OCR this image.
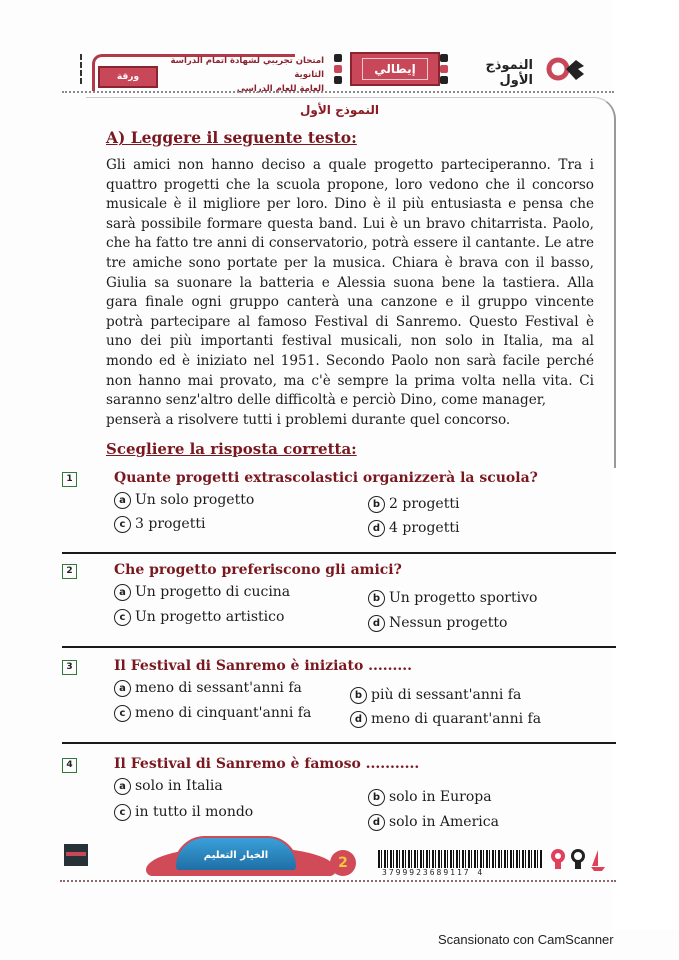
ورقة الامتحان
امتحان تجريبي لشهادة اتمام الدراسة الثانوية
العامة للعام الدراسي
إيطالي	النموذج الأول
النموذج الأول
A) Leggere il seguente testo:

Gli amici non hanno deciso a quale progetto parteciperanno. Tra i quattro progetti che la scuola propone, loro vedono che il concorso musicale è il migliore per loro. Dino è il più entusiasta e pensa che sarà possibile formare questa band. Lui è un bravo chitarrista. Paolo, che ha fatto tre anni di conservatorio, potrà essere il cantante. Le atre tre amiche sono portate per la musica. Chiara è brava con il basso, Giulia sa suonare la batteria e Alessia suona bene la tastiera. Alla gara finale ogni gruppo canterà una canzone e il gruppo vincente potrà partecipare al famoso Festival di Sanremo. Questo Festival è uno dei più importanti festival musicali, non solo in Italia, ma al mondo ed è iniziato nel 1951. Secondo Paolo non sarà facile perché non hanno mai provato, ma c'è sempre la prima volta nella vita. Ci saranno senz'altro delle difficoltà e perciò Dino, come manager,

penserà a risolvere tutti i problemi durante quel concorso.

Scegliere la risposta corretta:
1	Quante progetti extrascolastici organizzerà la scuola?
a Un solo progetto	b 2 progetti
c 3 progetti	d 4 progetti
2	Che progetto preferiscono gli amici?
a Un progetto di cucina	b Un progetto sportivo
c Un progetto artistico	d Nessun progetto
3	Il Festival di Sanremo è iniziato .........
a meno di sessant'anni fa	b più di sessant'anni fa
c meno di cinquant'anni fa	d meno di quarant'anni fa
4	Il Festival di Sanremo è famoso ...........
a solo in Italia
b solo in Europa
c in tutto il mondo
d solo in America
الخيار التعليم	2
3799923689117 4
Scansionato con CamScanner
